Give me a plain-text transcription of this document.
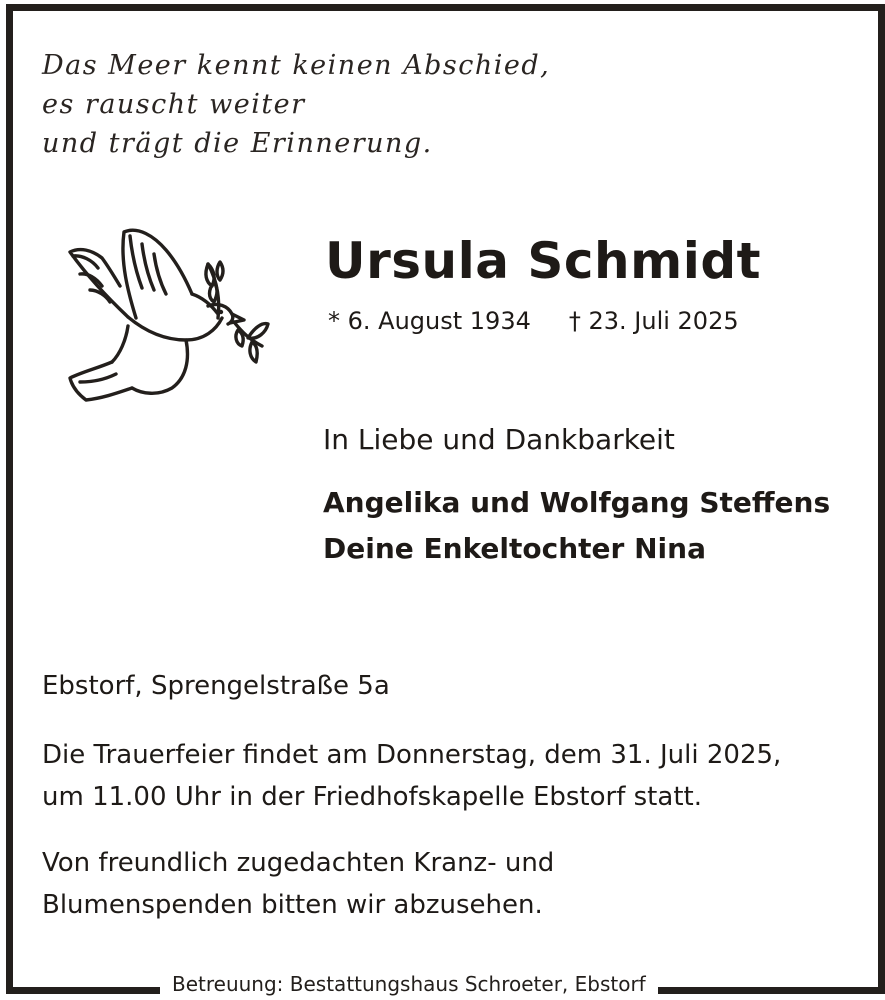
Das Meer kennt keinen Abschied,
es rauscht weiter
und trägt die Erinnerung.
Ursula Schmidt
* 6. August 1934 † 23. Juli 2025
In Liebe und Dankbarkeit
Angelika und Wolfgang Steffens
Deine Enkeltochter Nina
Ebstorf, Sprengelstraße 5a
Die Trauerfeier findet am Donnerstag, dem 31. Juli 2025,
um 11.00 Uhr in der Friedhofskapelle Ebstorf statt.
Von freundlich zugedachten Kranz- und
Blumenspenden bitten wir abzusehen.
Betreuung: Bestattungshaus Schroeter, Ebstorf
